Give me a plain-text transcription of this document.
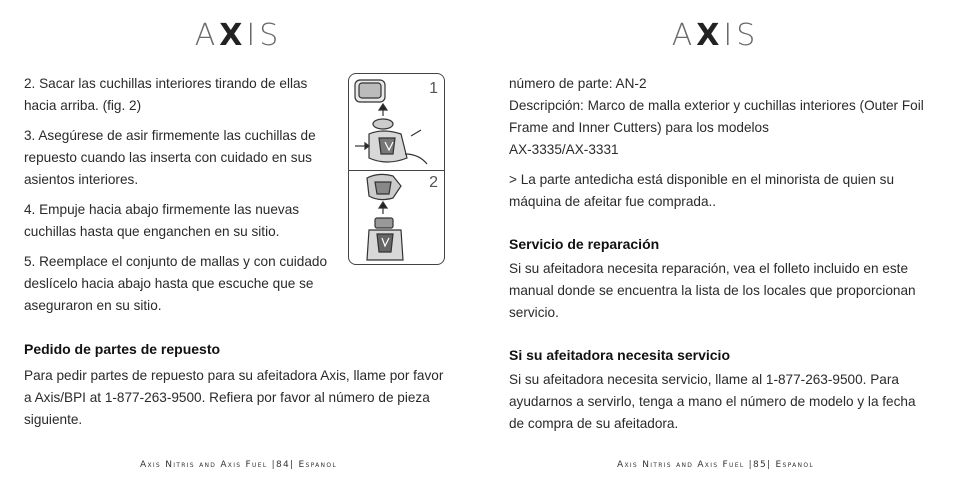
AXIS

2. Sacar las cuchillas interiores tirando de ellas hacia arriba. (fig. 2)

3. Asegúrese de asir firmemente las cuchillas de repuesto cuando las inserta con cuidado en sus asientos interiores.

4. Empuje hacia abajo firmemente las nuevas cuchillas hasta que enganchen en su sitio.

5. Reemplace el conjunto de mallas y con cuidado deslícelo hacia abajo hasta que escuche que se aseguraron en su sitio.

1
2
Pedido de partes de repuesto

Para pedir partes de repuesto para su afeitadora Axis, llame por favor a Axis/BPI at 1-877-263-9500. Refiera por favor al número de pieza siguiente.

Axis Nitris and Axis Fuel |84| Espanol
AXIS
número de parte: AN-2
Descripción: Marco de malla exterior y cuchillas interiores (Outer Foil Frame and Inner Cutters) para los modelos
AX-3335/AX-3331

> La parte antedicha está disponible en el minorista de quien su máquina de afeitar fue comprada..

Servicio de reparación

Si su afeitadora necesita reparación, vea el folleto incluido en este manual donde se encuentra la lista de los locales que proporcionan servicio.

Si su afeitadora necesita servicio

Si su afeitadora necesita servicio, llame al 1-877-263-9500. Para ayudarnos a servirlo, tenga a mano el número de modelo y la fecha de compra de su afeitadora.

Axis Nitris and Axis Fuel |85| Espanol
